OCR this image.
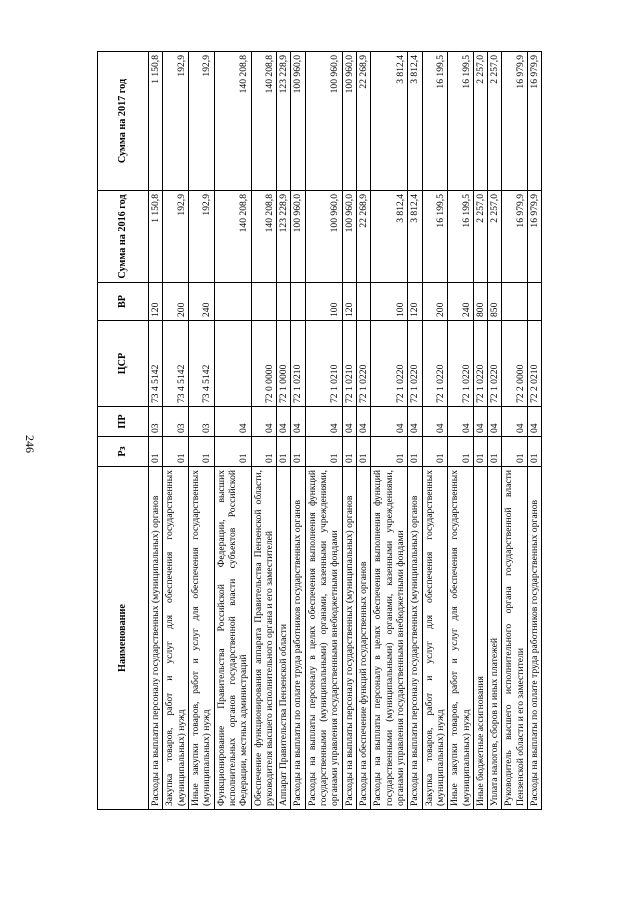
246
Наименование	Рз	ПР	ЦСР	ВР	Сумма на 2016 год	Сумма на 2017 год
Расходы на выплаты персоналу государственных (муниципальных) органов	01	03	73 4 5142	120	1 150,8	1 150,8
Закупка товаров, работ и услуг для обеспечения государственных (муниципальных) нужд	01	03	73 4 5142	200	192,9	192,9
Иные закупки товаров, работ и услуг для обеспечения государственных (муниципальных) нужд	01	03	73 4 5142	240	192,9	192,9
Функционирование Правительства Российской Федерации, высших исполнительных органов государственной власти субъектов Российской Федерации, местных администраций	01	04			140 208,8	140 208,8
Обеспечение функционирования аппарата Правительства Пензенской области, руководителя высшего исполнительного органа и его заместителей	01	04	72 0 0000		140 208,8	140 208,8
Аппарат Правительства Пензенской области	01	04	72 1 0000		123 228,9	123 228,9
Расходы на выплаты по оплате труда работников государственных органов	01	04	72 1 0210		100 960,0	100 960,0
Расходы на выплаты персоналу в целях обеспечения выполнения функций государственными (муниципальными) органами, казенными учреждениями, органами управления государственными внебюджетными фондами	01	04	72 1 0210	100	100 960,0	100 960,0
Расходы на выплаты персоналу государственных (муниципальных) органов	01	04	72 1 0210	120	100 960,0	100 960,0
Расходы на обеспечение функций государственных органов	01	04	72 1 0220		22 268,9	22 268,9
Расходы на выплаты персоналу в целях обеспечения выполнения функций государственными (муниципальными) органами, казенными учреждениями, органами управления государственными внебюджетными фондами	01	04	72 1 0220	100	3 812,4	3 812,4
Расходы на выплаты персоналу государственных (муниципальных) органов	01	04	72 1 0220	120	3 812,4	3 812,4
Закупка товаров, работ и услуг для обеспечения государственных (муниципальных) нужд	01	04	72 1 0220	200	16 199,5	16 199,5
Иные закупки товаров, работ и услуг для обеспечения государственных (муниципальных) нужд	01	04	72 1 0220	240	16 199,5	16 199,5
Иные бюджетные ассигнования	01	04	72 1 0220	800	2 257,0	2 257,0
Уплата налогов, сборов и иных платежей	01	04	72 1 0220	850	2 257,0	2 257,0
Руководитель высшего исполнительного органа государственной власти Пензенской области и его заместители	01	04	72 2 0000		16 979,9	16 979,9
Расходы на выплаты по оплате труда работников государственных органов	01	04	72 2 0210		16 979,9	16 979,9
